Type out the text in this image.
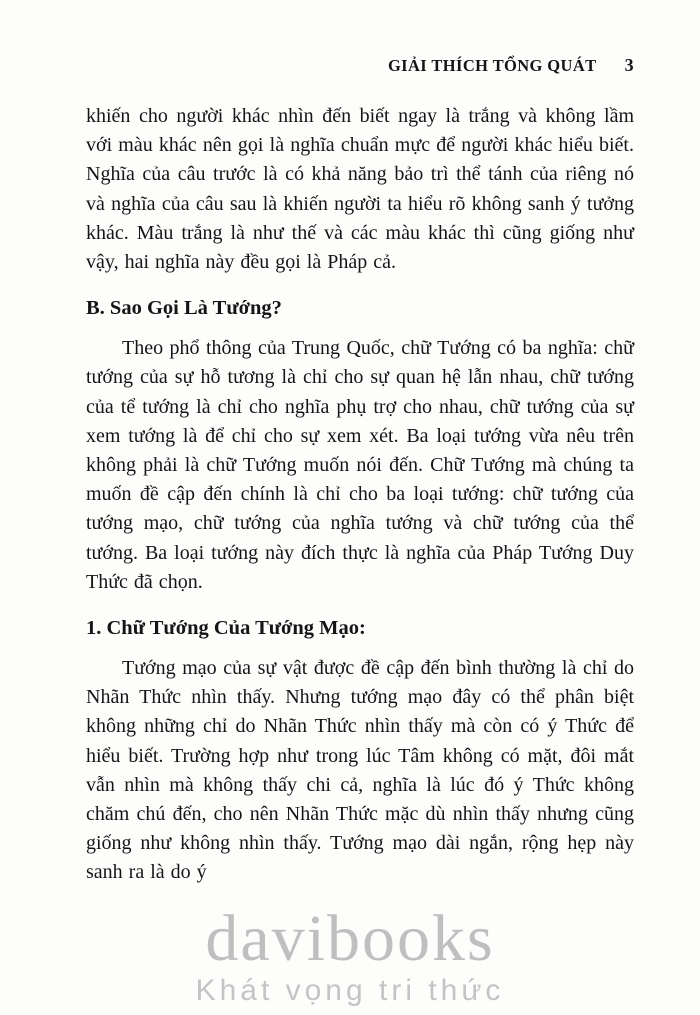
GIẢI THÍCH TỔNG QUÁT 3

khiến cho người khác nhìn đến biết ngay là trắng và không lầm với màu khác nên gọi là nghĩa chuẩn mực để người khác hiểu biết. Nghĩa của câu trước là có khả năng bảo trì thể tánh của riêng nó và nghĩa của câu sau là khiến người ta hiểu rõ không sanh ý tưởng khác. Màu trắng là như thế và các màu khác thì cũng giống như vậy, hai nghĩa này đều gọi là Pháp cả.

B. Sao Gọi Là Tướng?

Theo phổ thông của Trung Quốc, chữ Tướng có ba nghĩa: chữ tướng của sự hỗ tương là chỉ cho sự quan hệ lẫn nhau, chữ tướng của tể tướng là chỉ cho nghĩa phụ trợ cho nhau, chữ tướng của sự xem tướng là để chỉ cho sự xem xét. Ba loại tướng vừa nêu trên không phải là chữ Tướng muốn nói đến. Chữ Tướng mà chúng ta muốn đề cập đến chính là chỉ cho ba loại tướng: chữ tướng của tướng mạo, chữ tướng của nghĩa tướng và chữ tướng của thể tướng. Ba loại tướng này đích thực là nghĩa của Pháp Tướng Duy Thức đã chọn.

1. Chữ Tướng Của Tướng Mạo:

Tướng mạo của sự vật được đề cập đến bình thường là chỉ do Nhãn Thức nhìn thấy. Nhưng tướng mạo đây có thể phân biệt không những chỉ do Nhãn Thức nhìn thấy mà còn có ý Thức để hiểu biết. Trường hợp như trong lúc Tâm không có mặt, đôi mắt vẫn nhìn mà không thấy chi cả, nghĩa là lúc đó ý Thức không chăm chú đến, cho nên Nhãn Thức mặc dù nhìn thấy nhưng cũng giống như không nhìn thấy. Tướng mạo dài ngắn, rộng hẹp này sanh ra là do ý

davibooks
Khát vọng tri thức
